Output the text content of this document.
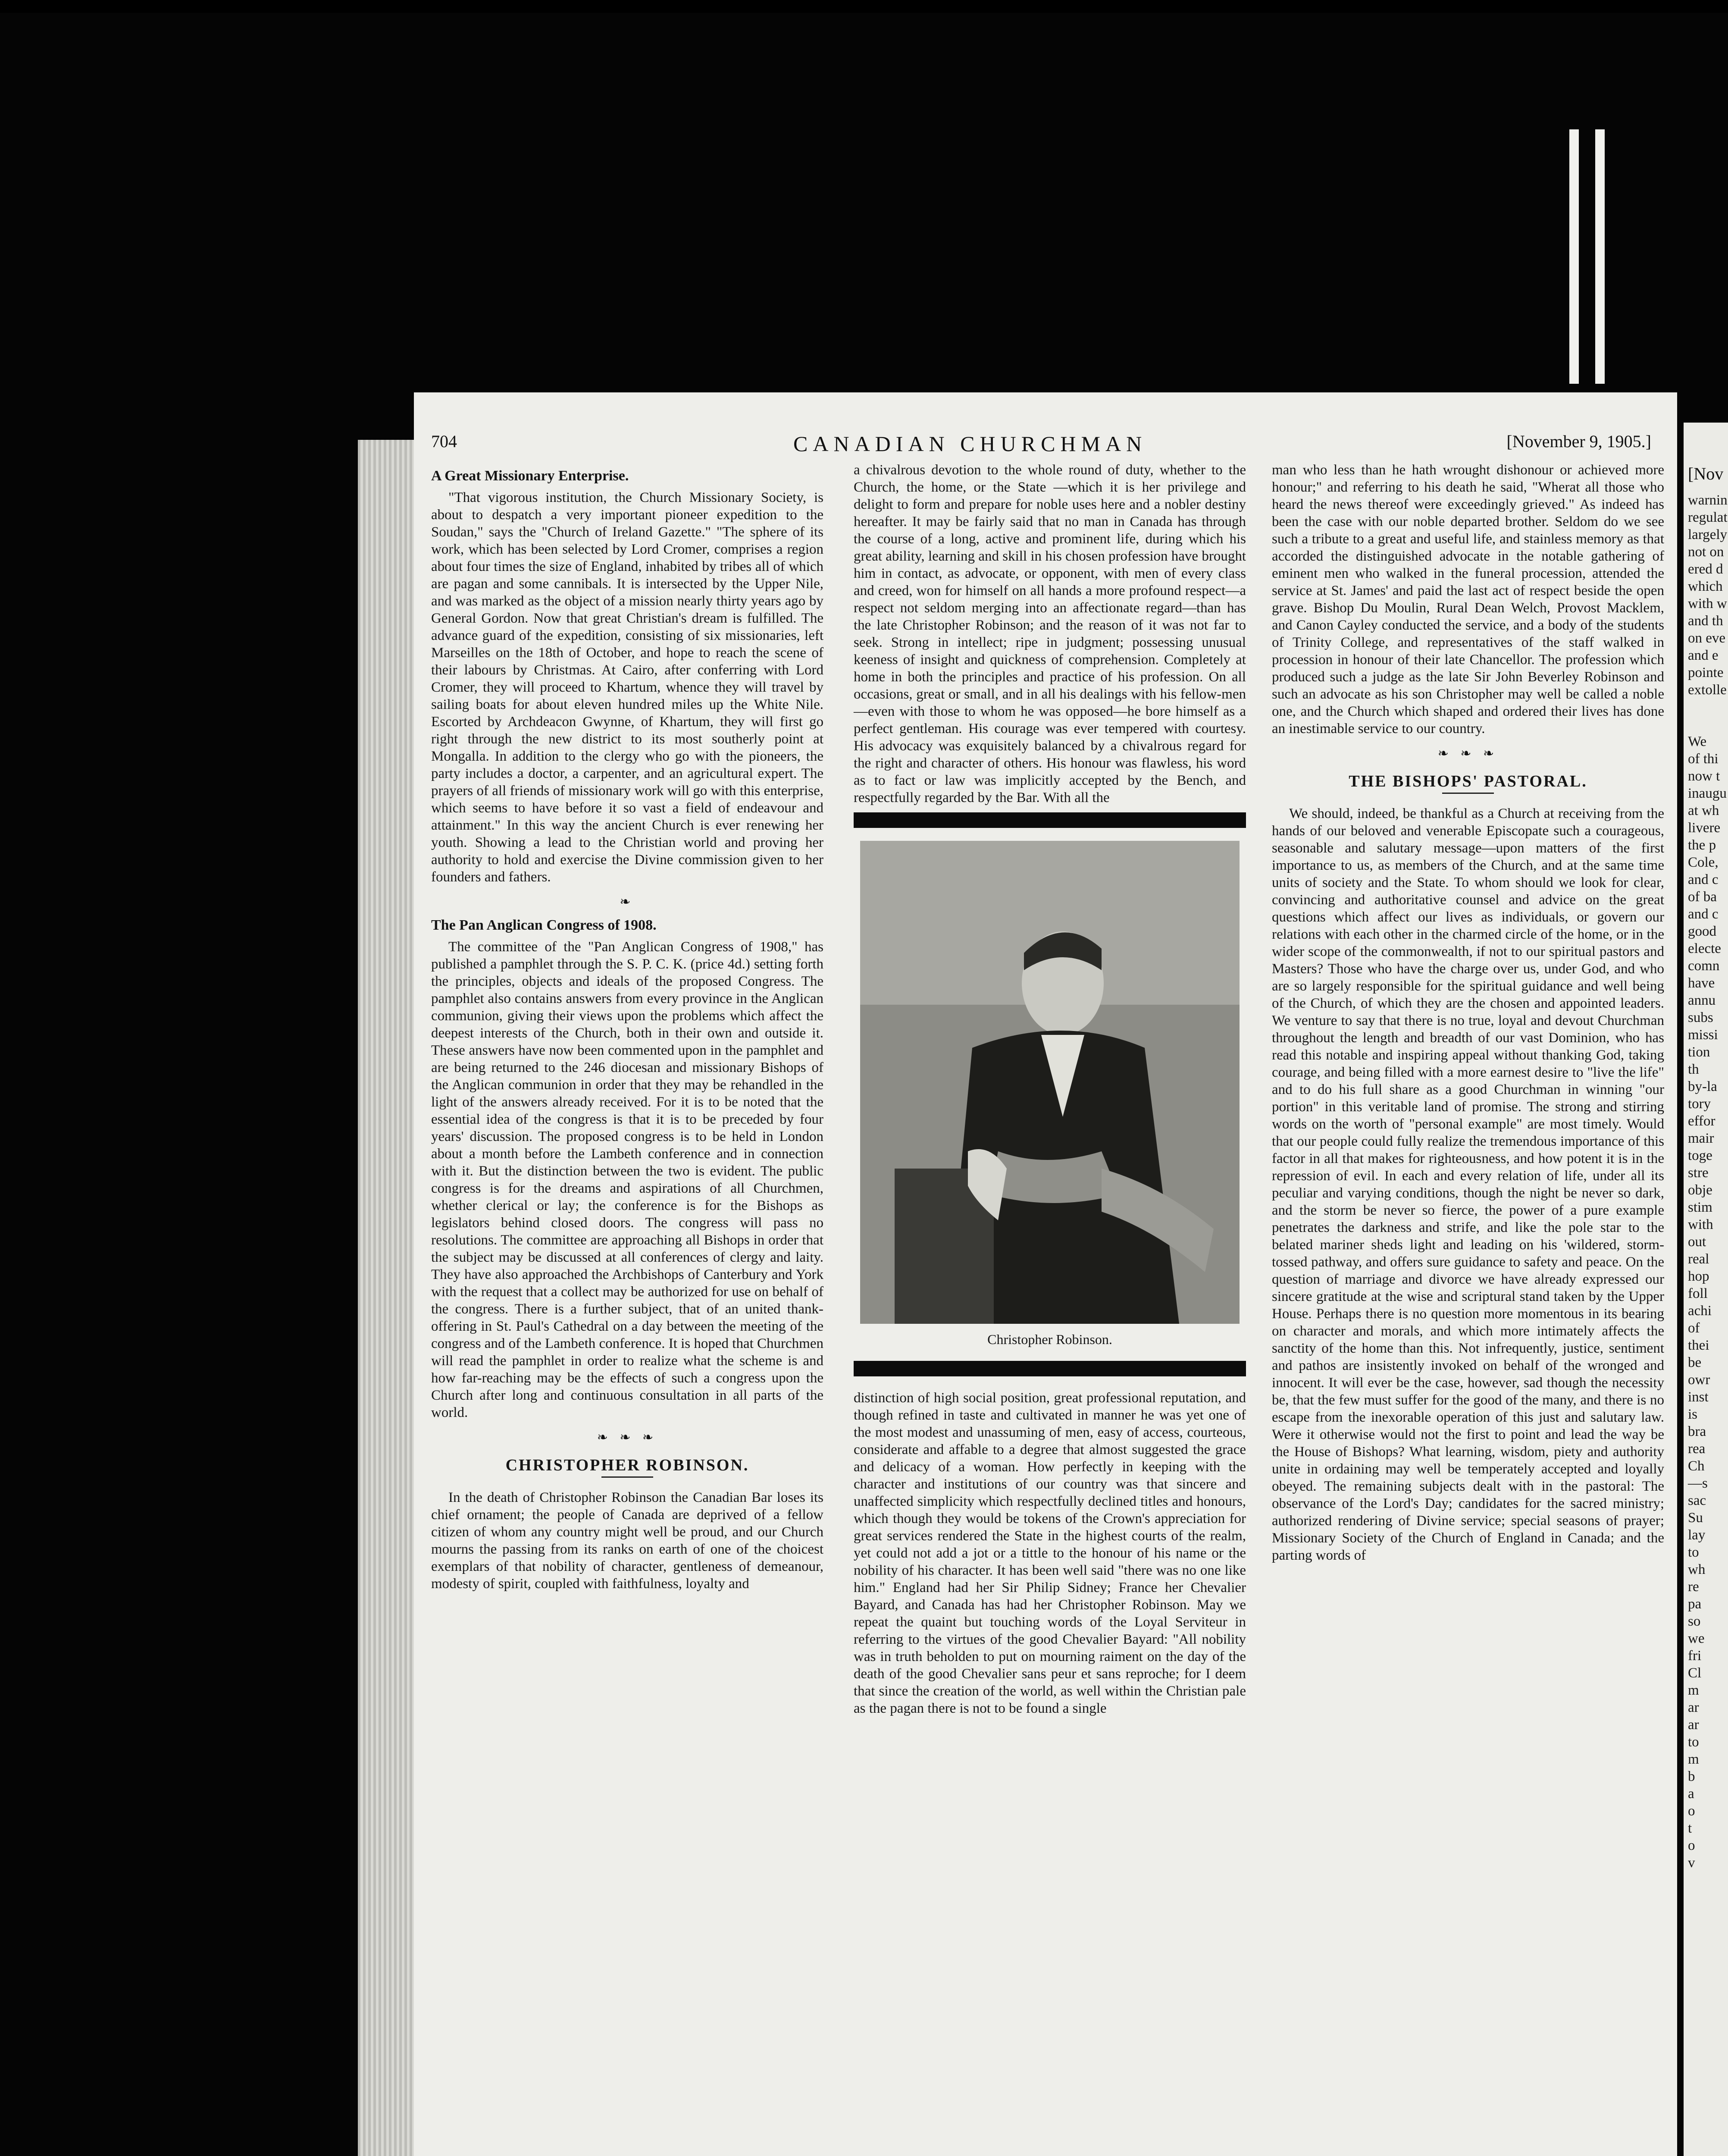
704	CANADIAN CHURCHMAN	[November 9, 1905.]
A Great Missionary Enterprise.

"That vigorous institution, the Church Missionary Society, is about to despatch a very important pioneer expedition to the Soudan," says the "Church of Ireland Gazette." "The sphere of its work, which has been selected by Lord Cromer, comprises a region about four times the size of England, inhabited by tribes all of which are pagan and some cannibals. It is intersected by the Upper Nile, and was marked as the object of a mission nearly thirty years ago by General Gordon. Now that great Christian's dream is fulfilled. The advance guard of the expedition, consisting of six missionaries, left Marseilles on the 18th of October, and hope to reach the scene of their labours by Christmas. At Cairo, after conferring with Lord Cromer, they will proceed to Khartum, whence they will travel by sailing boats for about eleven hundred miles up the White Nile. Escorted by Archdeacon Gwynne, of Khartum, they will first go right through the new district to its most southerly point at Mongalla. In addition to the clergy who go with the pioneers, the party includes a doctor, a carpenter, and an agricultural expert. The prayers of all friends of missionary work will go with this enterprise, which seems to have before it so vast a field of endeavour and attainment." In this way the ancient Church is ever renewing her youth. Showing a lead to the Christian world and proving her authority to hold and exercise the Divine commission given to her founders and fathers.

❧
The Pan Anglican Congress of 1908.

The committee of the "Pan Anglican Congress of 1908," has published a pamphlet through the S. P. C. K. (price 4d.) setting forth the principles, objects and ideals of the proposed Congress. The pamphlet also contains answers from every province in the Anglican communion, giving their views upon the problems which affect the deepest interests of the Church, both in their own and outside it. These answers have now been commented upon in the pamphlet and are being returned to the 246 diocesan and missionary Bishops of the Anglican communion in order that they may be rehandled in the light of the answers already received. For it is to be noted that the essential idea of the congress is that it is to be preceded by four years' discussion. The proposed congress is to be held in London about a month before the Lambeth conference and in connection with it. But the distinction between the two is evident. The public congress is for the dreams and aspirations of all Churchmen, whether clerical or lay; the conference is for the Bishops as legislators behind closed doors. The congress will pass no resolutions. The committee are approaching all Bishops in order that the subject may be discussed at all conferences of clergy and laity. They have also approached the Archbishops of Canterbury and York with the request that a collect may be authorized for use on behalf of the congress. There is a further subject, that of an united thank-offering in St. Paul's Cathedral on a day between the meeting of the congress and of the Lambeth conference. It is hoped that Churchmen will read the pamphlet in order to realize what the scheme is and how far-reaching may be the effects of such a congress upon the Church after long and continuous consultation in all parts of the world.

❧ ❧ ❧
CHRISTOPHER ROBINSON.

In the death of Christopher Robinson the Canadian Bar loses its chief ornament; the people of Canada are deprived of a fellow citizen of whom any country might well be proud, and our Church mourns the passing from its ranks on earth of one of the choicest exemplars of that nobility of character, gentleness of demeanour, modesty of spirit, coupled with faithfulness, loyalty and

a chivalrous devotion to the whole round of duty, whether to the Church, the home, or the State —which it is her privilege and delight to form and prepare for noble uses here and a nobler destiny hereafter. It may be fairly said that no man in Canada has through the course of a long, active and prominent life, during which his great ability, learning and skill in his chosen profession have brought him in contact, as advocate, or opponent, with men of every class and creed, won for himself on all hands a more profound respect—a respect not seldom merging into an affectionate regard—than has the late Christopher Robinson; and the reason of it was not far to seek. Strong in intellect; ripe in judgment; possessing unusual keeness of insight and quickness of comprehension. Completely at home in both the principles and practice of his profession. On all occasions, great or small, and in all his dealings with his fellow-men—even with those to whom he was opposed—he bore himself as a perfect gentleman. His courage was ever tempered with courtesy. His advocacy was exquisitely balanced by a chivalrous regard for the right and character of others. His honour was flawless, his word as to fact or law was implicitly accepted by the Bench, and respectfully regarded by the Bar. With all the

Christopher Robinson.

distinction of high social position, great professional reputation, and though refined in taste and cultivated in manner he was yet one of the most modest and unassuming of men, easy of access, courteous, considerate and affable to a degree that almost suggested the grace and delicacy of a woman. How perfectly in keeping with the character and institutions of our country was that sincere and unaffected simplicity which respectfully declined titles and honours, which though they would be tokens of the Crown's appreciation for great services rendered the State in the highest courts of the realm, yet could not add a jot or a tittle to the honour of his name or the nobility of his character. It has been well said "there was no one like him." England had her Sir Philip Sidney; France her Chevalier Bayard, and Canada has had her Christopher Robinson. May we repeat the quaint but touching words of the Loyal Serviteur in referring to the virtues of the good Chevalier Bayard: "All nobility was in truth beholden to put on mourning raiment on the day of the death of the good Chevalier sans peur et sans reproche; for I deem that since the creation of the world, as well within the Christian pale as the pagan there is not to be found a single

man who less than he hath wrought dishonour or achieved more honour;" and referring to his death he said, "Wherat all those who heard the news thereof were exceedingly grieved." As indeed has been the case with our noble departed brother. Seldom do we see such a tribute to a great and useful life, and stainless memory as that accorded the distinguished advocate in the notable gathering of eminent men who walked in the funeral procession, attended the service at St. James' and paid the last act of respect beside the open grave. Bishop Du Moulin, Rural Dean Welch, Provost Macklem, and Canon Cayley conducted the service, and a body of the students of Trinity College, and representatives of the staff walked in procession in honour of their late Chancellor. The profession which produced such a judge as the late Sir John Beverley Robinson and such an advocate as his son Christopher may well be called a noble one, and the Church which shaped and ordered their lives has done an inestimable service to our country.

❧ ❧ ❧
THE BISHOPS' PASTORAL.

We should, indeed, be thankful as a Church at receiving from the hands of our beloved and venerable Episcopate such a courageous, seasonable and salutary message—upon matters of the first importance to us, as members of the Church, and at the same time units of society and the State. To whom should we look for clear, convincing and authoritative counsel and advice on the great questions which affect our lives as individuals, or govern our relations with each other in the charmed circle of the home, or in the wider scope of the commonwealth, if not to our spiritual pastors and Masters? Those who have the charge over us, under God, and who are so largely responsible for the spiritual guidance and well being of the Church, of which they are the chosen and appointed leaders. We venture to say that there is no true, loyal and devout Churchman throughout the length and breadth of our vast Dominion, who has read this notable and inspiring appeal without thanking God, taking courage, and being filled with a more earnest desire to "live the life" and to do his full share as a good Churchman in winning "our portion" in this veritable land of promise. The strong and stirring words on the worth of "personal example" are most timely. Would that our people could fully realize the tremendous importance of this factor in all that makes for righteousness, and how potent it is in the repression of evil. In each and every relation of life, under all its peculiar and varying conditions, though the night be never so dark, and the storm be never so fierce, the power of a pure example penetrates the darkness and strife, and like the pole star to the belated mariner sheds light and leading on his 'wildered, storm-tossed pathway, and offers sure guidance to safety and peace. On the question of marriage and divorce we have already expressed our sincere gratitude at the wise and scriptural stand taken by the Upper House. Perhaps there is no question more momentous in its bearing on character and morals, and which more intimately affects the sanctity of the home than this. Not infrequently, justice, sentiment and pathos are insistently invoked on behalf of the wronged and innocent. It will ever be the case, however, sad though the necessity be, that the few must suffer for the good of the many, and there is no escape from the inexorable operation of this just and salutary law. Were it otherwise would not the first to point and lead the way be the House of Bishops? What learning, wisdom, piety and authority unite in ordaining may well be temperately accepted and loyally obeyed. The remaining subjects dealt with in the pastoral: The observance of the Lord's Day; candidates for the sacred ministry; authorized rendering of Divine service; special seasons of prayer; Missionary Society of the Church of England in Canada; and the parting words of

[Nov
warnin
regulat
largely
not on
ered d
which
with w
and th
on eve
and e
pointe
extolle

We
of thi
now t
inaugu
at wh
livere
the p
Cole,
and c
of ba
and c
good
electe
comn
have
annu
subs
missi
tion
th
by-la
tory
effor
mair
toge
stre
obje
stim
with
out
real
hop
foll
achi
of
thei
be
owr
inst
is
bra
rea
Ch
—s
sac
Su
lay
to
wh
re
pa
so
we
fri
Cl
m
ar
ar
to
m
b
a
o
t
o
v
